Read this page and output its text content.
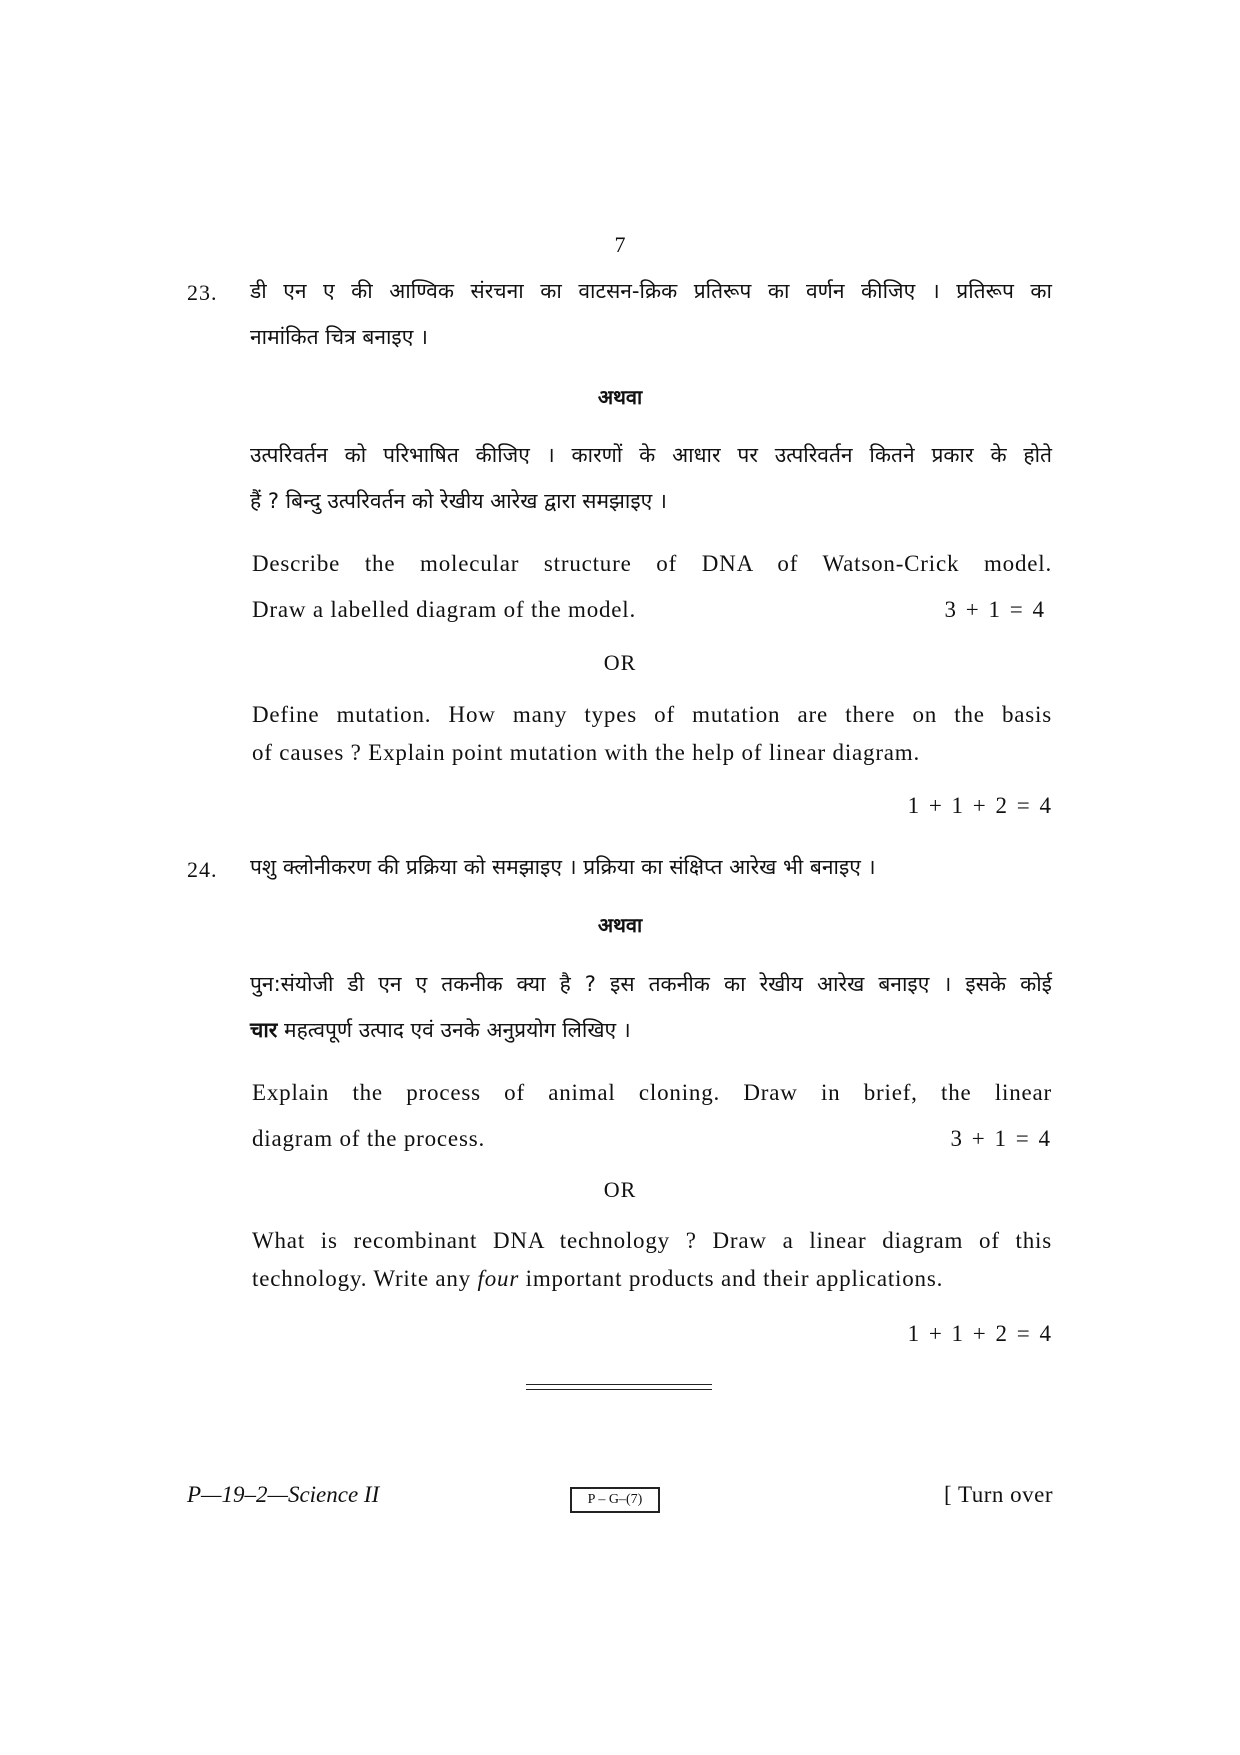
7
23. डी एन ए की आण्विक संरचना का वाटसन-क्रिक प्रतिरूप का वर्णन कीजिए । प्रतिरूप का
नामांकित चित्र बनाइए ।
अथवा
उत्परिवर्तन को परिभाषित कीजिए । कारणों के आधार पर उत्परिवर्तन कितने प्रकार के होते
हैं ? बिन्दु उत्परिवर्तन को रेखीय आरेख द्वारा समझाइए ।
Describe the molecular structure of DNA of Watson-Crick model.
Draw a labelled diagram of the model.	3 + 1 = 4
OR
Define mutation. How many types of mutation are there on the basis
of causes ? Explain point mutation with the help of linear diagram.
1 + 1 + 2 = 4
24. पशु क्लोनीकरण की प्रक्रिया को समझाइए । प्रक्रिया का संक्षिप्त आरेख भी बनाइए ।
अथवा
पुन:संयोजी डी एन ए तकनीक क्या है ? इस तकनीक का रेखीय आरेख बनाइए । इसके कोई
चार महत्वपूर्ण उत्पाद एवं उनके अनुप्रयोग लिखिए ।
Explain the process of animal cloning. Draw in brief, the linear
diagram of the process.	3 + 1 = 4
OR
What is recombinant DNA technology ? Draw a linear diagram of this
technology. Write any four important products and their applications.
1 + 1 + 2 = 4
P—19–2—Science II	P – G–(7)	[ Turn over
